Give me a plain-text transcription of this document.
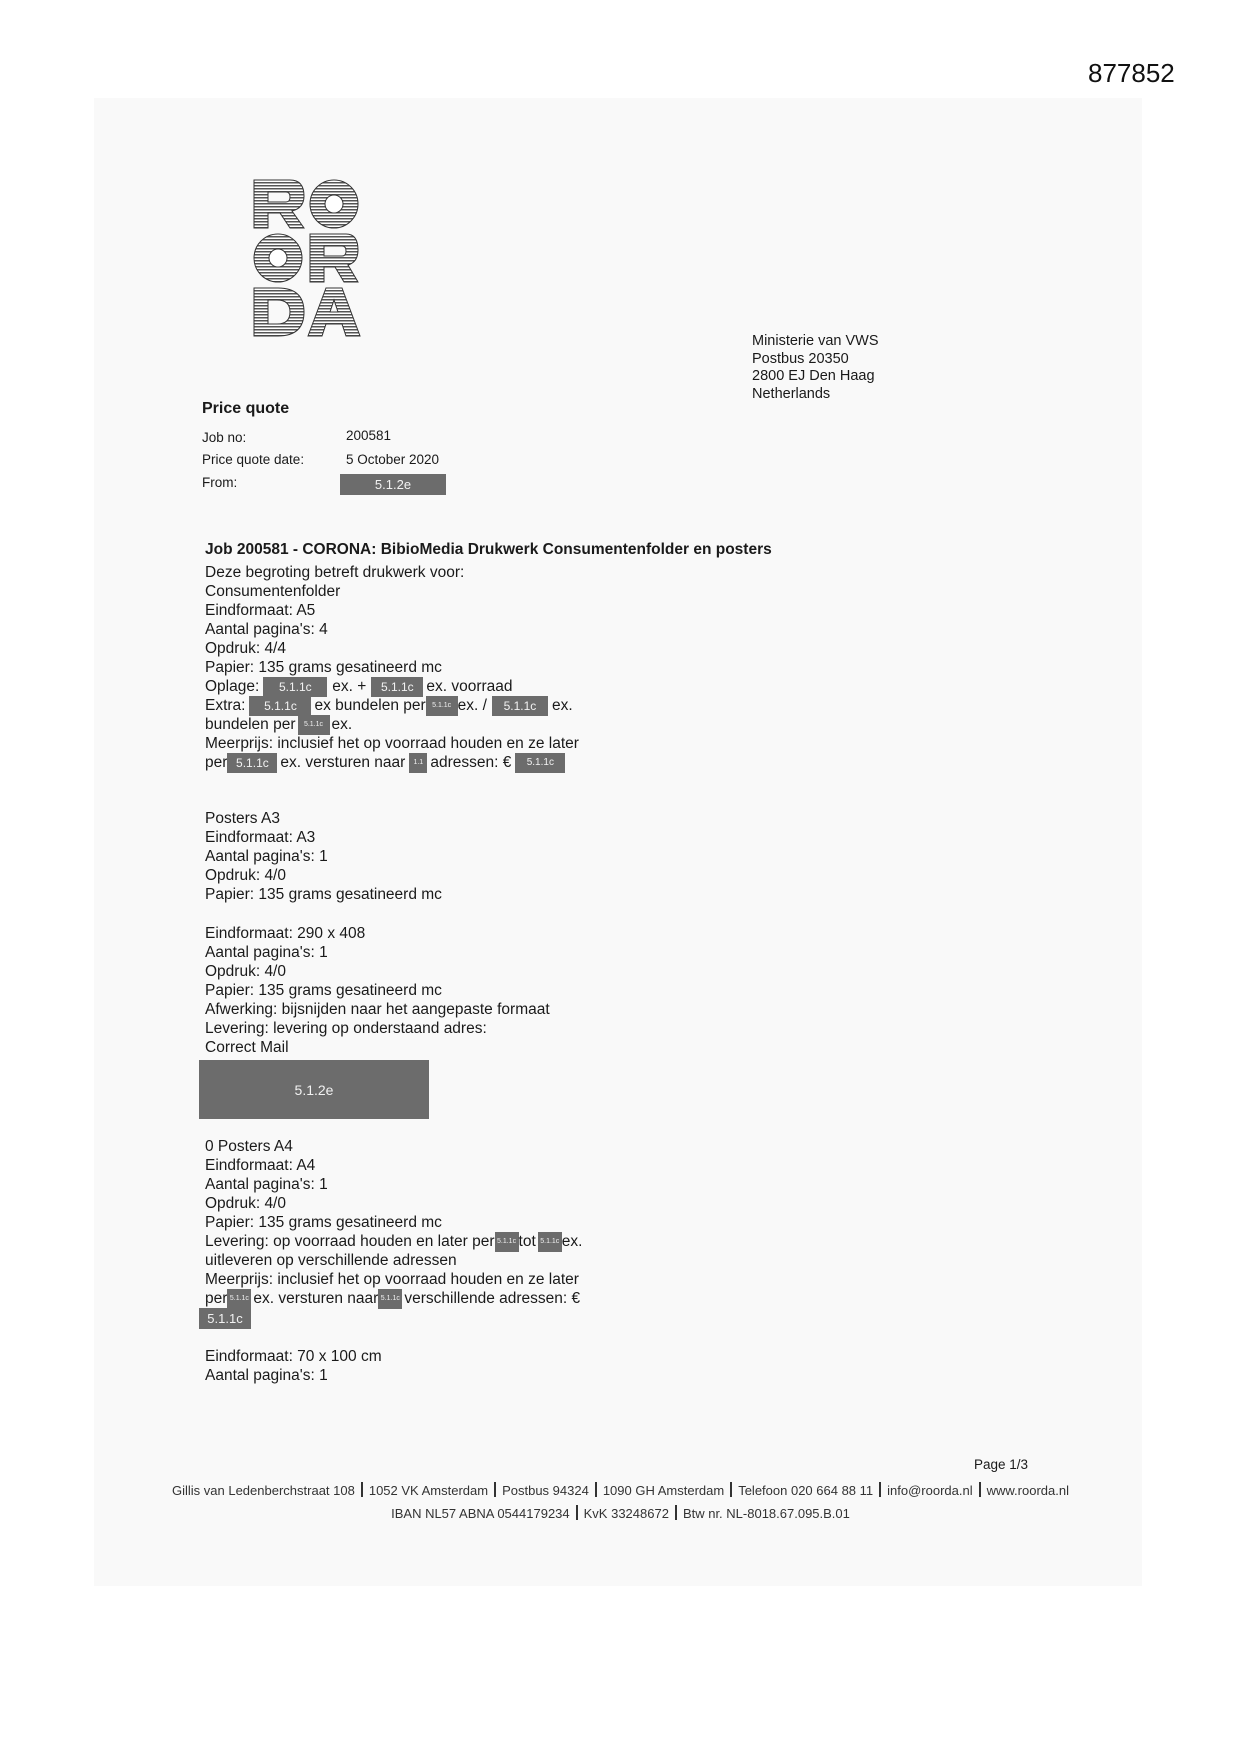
877852
Ministerie van VWS
Postbus 20350
2800 EJ Den Haag
Netherlands
Price quote
Job no:	200581
Price quote date:	5 October 2020
From:	5.1.2e
Job 200581 - CORONA: BibioMedia Drukwerk Consumentenfolder en posters
Deze begroting betreft drukwerk voor:
Consumentenfolder
Eindformaat: A5
Aantal pagina's: 4
Opdruk: 4/4
Papier: 135 grams gesatineerd mc
Oplage:	5.1.1c	ex. +	5.1.1c ex. voorraad
Extra:	5.1.1c	ex bundelen per 5.1.1c ex. /	5.1.1c	ex.
bundelen per	5.1.1c ex.
Meerprijs: inclusief het op voorraad houden en ze later
per 5.1.1c ex. versturen naar	1.1 adressen: €	5.1.1c
Posters A3
Eindformaat: A3
Aantal pagina's: 1
Opdruk: 4/0
Papier: 135 grams gesatineerd mc
Eindformaat: 290 x 408
Aantal pagina's: 1
Opdruk: 4/0
Papier: 135 grams gesatineerd mc
Afwerking: bijsnijden naar het aangepaste formaat
Levering: levering op onderstaand adres:
Correct Mail
5.1.2e
0 Posters A4
Eindformaat: A4
Aantal pagina's: 1
Opdruk: 4/0
Papier: 135 grams gesatineerd mc
Levering: op voorraad houden en later per 5.1.1c tot 5.1.1c ex.
uitleveren op verschillende adressen
Meerprijs: inclusief het op voorraad houden en ze later
per 5.1.1c ex. versturen naar 5.1.1c verschillende adressen: €
5.1.1c
Eindformaat: 70 x 100 cm
Aantal pagina's: 1
Page 1/3
Gillis van Ledenberchstraat 108 1052 VK Amsterdam Postbus 94324 1090 GH Amsterdam Telefoon 020 664 88 11 info@roorda.nl www.roorda.nl
IBAN NL57 ABNA 0544179234 KvK 33248672 Btw nr. NL-8018.67.095.B.01
